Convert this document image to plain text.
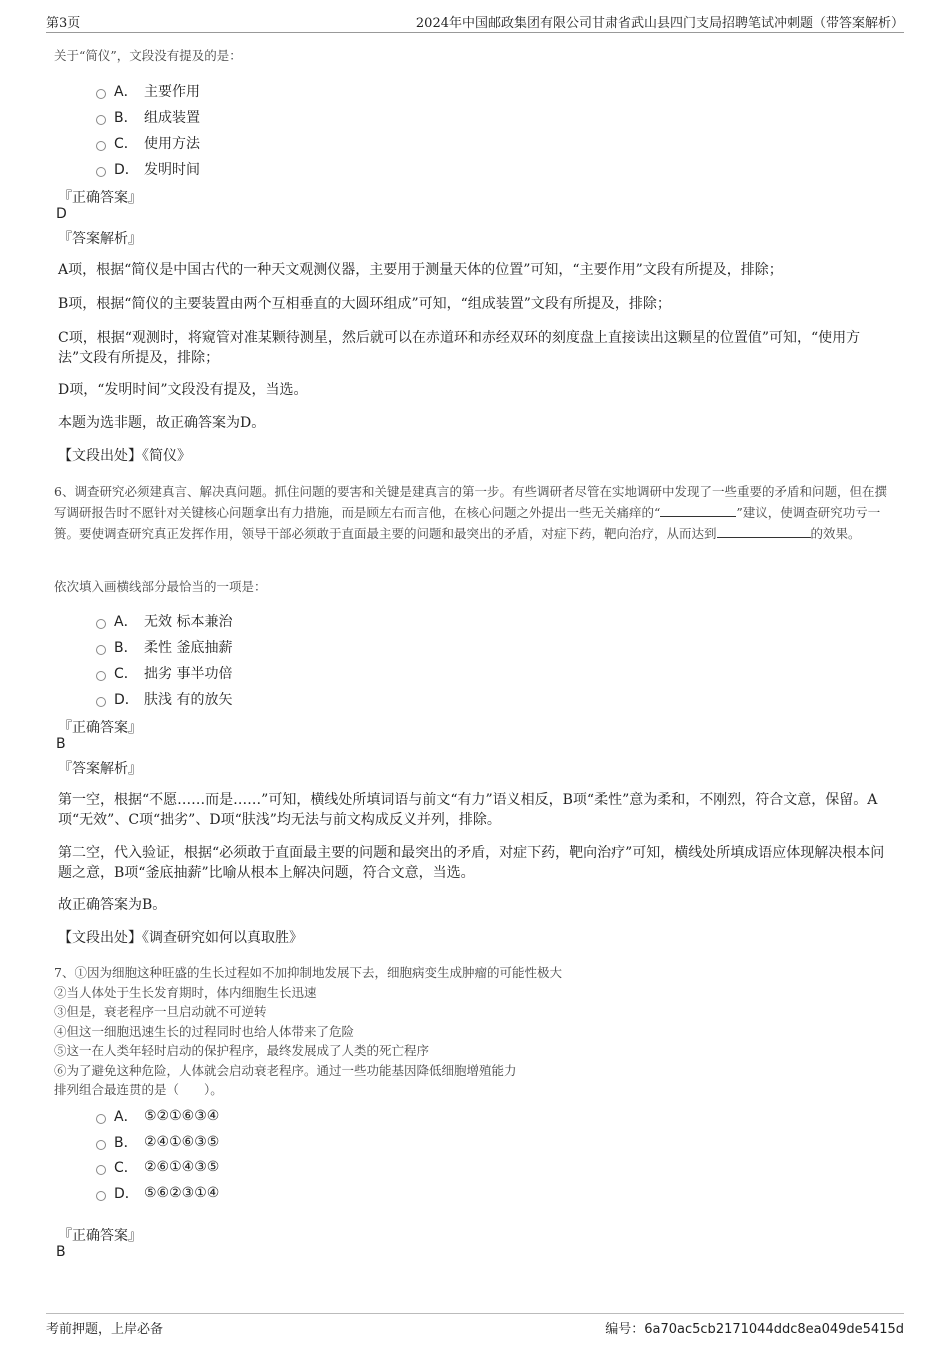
第3页	2024年中国邮政集团有限公司甘肃省武山县四门支局招聘笔试冲刺题（带答案解析）
关于“简仪”，文段没有提及的是：
A． 主要作用
B． 组成装置
C． 使用方法
D． 发明时间
『正确答案』
D
『答案解析』
A项，根据“简仪是中国古代的一种天文观测仪器，主要用于测量天体的位置”可知，“主要作用”文段有所提及，排除；
B项，根据“简仪的主要装置由两个互相垂直的大圆环组成”可知，“组成装置”文段有所提及，排除；
C项，根据“观测时，将窥管对准某颗待测星，然后就可以在赤道环和赤经双环的刻度盘上直接读出这颗星的位置值”可知，“使用方法”文段有所提及，排除；
D项，“发明时间”文段没有提及，当选。
本题为选非题，故正确答案为D。
【文段出处】《简仪》
6、调查研究必须建真言、解决真问题。抓住问题的要害和关键是建真言的第一步。有些调研者尽管在实地调研中发现了一些重要的矛盾和问题，但在撰写调研报告时不愿针对关键核心问题拿出有力措施，而是顾左右而言他，在核心问题之外提出一些无关痛痒的“	”建议，使调查研究功亏一篑。要使调查研究真正发挥作用，领导干部必须敢于直面最主要的问题和最突出的矛盾，对症下药，靶向治疗，从而达到	的效果。
依次填入画横线部分最恰当的一项是：
A． 无效 标本兼治
B． 柔性 釜底抽薪
C． 拙劣 事半功倍
D． 肤浅 有的放矢
『正确答案』
B
『答案解析』
第一空，根据“不愿……而是……”可知，横线处所填词语与前文“有力”语义相反，B项“柔性”意为柔和，不刚烈，符合文意，保留。A项“无效”、C项“拙劣”、D项“肤浅”均无法与前文构成反义并列，排除。
第二空，代入验证，根据“必须敢于直面最主要的问题和最突出的矛盾，对症下药，靶向治疗”可知，横线处所填成语应体现解决根本问题之意，B项“釜底抽薪”比喻从根本上解决问题，符合文意，当选。
故正确答案为B。
【文段出处】《调查研究如何以真取胜》
7、①因为细胞这种旺盛的生长过程如不加抑制地发展下去，细胞病变生成肿瘤的可能性极大
②当人体处于生长发育期时，体内细胞生长迅速
③但是，衰老程序一旦启动就不可逆转
④但这一细胞迅速生长的过程同时也给人体带来了危险
⑤这一在人类年轻时启动的保护程序，最终发展成了人类的死亡程序
⑥为了避免这种危险，人体就会启动衰老程序。通过一些功能基因降低细胞增殖能力
排列组合最连贯的是（　　）。
A． ⑤②①⑥③④
B． ②④①⑥③⑤
C． ②⑥①④③⑤
D． ⑤⑥②③①④
『正确答案』
B
考前押题，上岸必备	编号：6a70ac5cb2171044ddc8ea049de5415d
